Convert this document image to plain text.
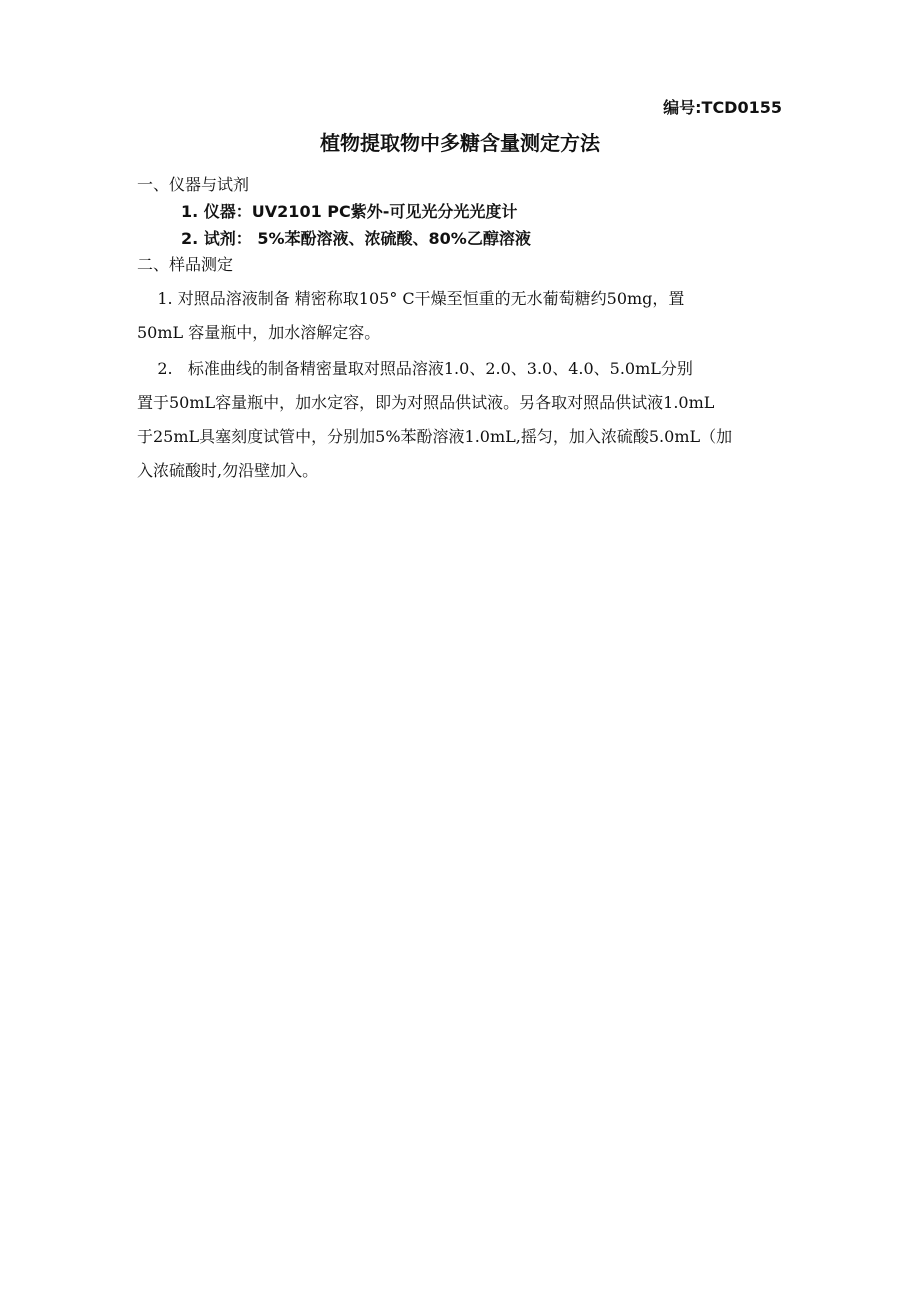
编号:TCD0155
植物提取物中多糖含量测定方法
一、仪器与试剂
1. 仪器：UV2101 PC紫外-可见光分光光度计
2. 试剂： 5%苯酚溶液、浓硫酸、80%乙醇溶液
二、样品测定
1. 对照品溶液制备 精密称取105° C干燥至恒重的无水葡萄糖约50mg，置
50mL 容量瓶中，加水溶解定容。
2.   标准曲线的制备精密量取对照品溶液1.0、2.0、3.0、4.0、5.0mL分别
置于50mL容量瓶中，加水定容，即为对照品供试液。另各取对照品供试液1.0mL
于25mL具塞刻度试管中，分别加5%苯酚溶液1.0mL,摇匀，加入浓硫酸5.0mL（加
入浓硫酸时,勿沿壁加入。
